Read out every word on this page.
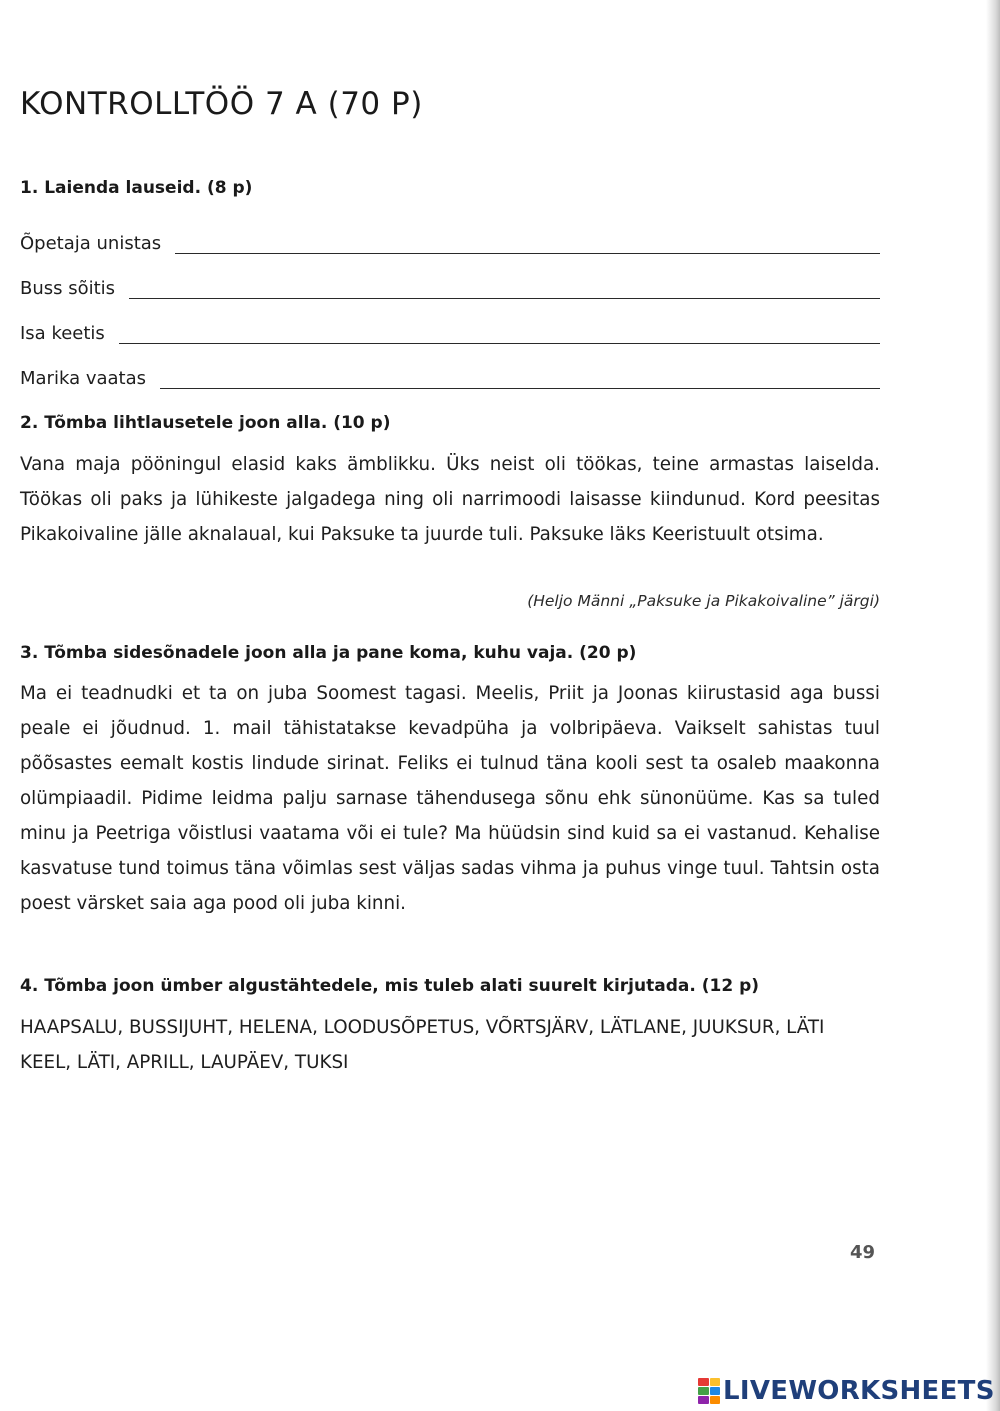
KONTROLLTÖÖ 7 A (70 P)
1. Laienda lauseid. (8 p)
Õpetaja unistas
Buss sõitis
Isa keetis
Marika vaatas
2. Tõmba lihtlausetele joon alla. (10 p)

Vana maja pööningul elasid kaks ämblikku. Üks neist oli töökas, teine armastas laiselda. Töökas oli paks ja lühikeste jalgadega ning oli narrimoodi laisasse kiindunud. Kord peesitas Pikakoivaline jälle aknalaual, kui Paksuke ta juurde tuli. Paksuke läks Keeristuult otsima.

(Heljo Männi „Paksuke ja Pikakoivaline” järgi)
3. Tõmba sidesõnadele joon alla ja pane koma, kuhu vaja. (20 p)

Ma ei teadnudki et ta on juba Soomest tagasi. Meelis, Priit ja Joonas kiirustasid aga bussi peale ei jõudnud. 1. mail tähistatakse kevadpüha ja volbripäeva. Vaikselt sahistas tuul põõsastes eemalt kostis lindude sirinat. Feliks ei tulnud täna kooli sest ta osaleb maakonna olümpiaadil. Pidime leidma palju sarnase tähendusega sõnu ehk sünonüüme. Kas sa tuled minu ja Peetriga võistlusi vaatama või ei tule? Ma hüüdsin sind kuid sa ei vastanud. Kehalise kasvatuse tund toimus täna võimlas sest väljas sadas vihma ja puhus vinge tuul. Tahtsin osta poest värsket saia aga pood oli juba kinni.

4. Tõmba joon ümber algustähtedele, mis tuleb alati suurelt kirjutada. (12 p)

HAAPSALU, BUSSIJUHT, HELENA, LOODUSÕPETUS, VÕRTSJÄRV, LÄTLANE, JUUKSUR, LÄTI KEEL, LÄTI, APRILL, LAUPÄEV, TUKSI

49
LIVEWORKSHEETS
